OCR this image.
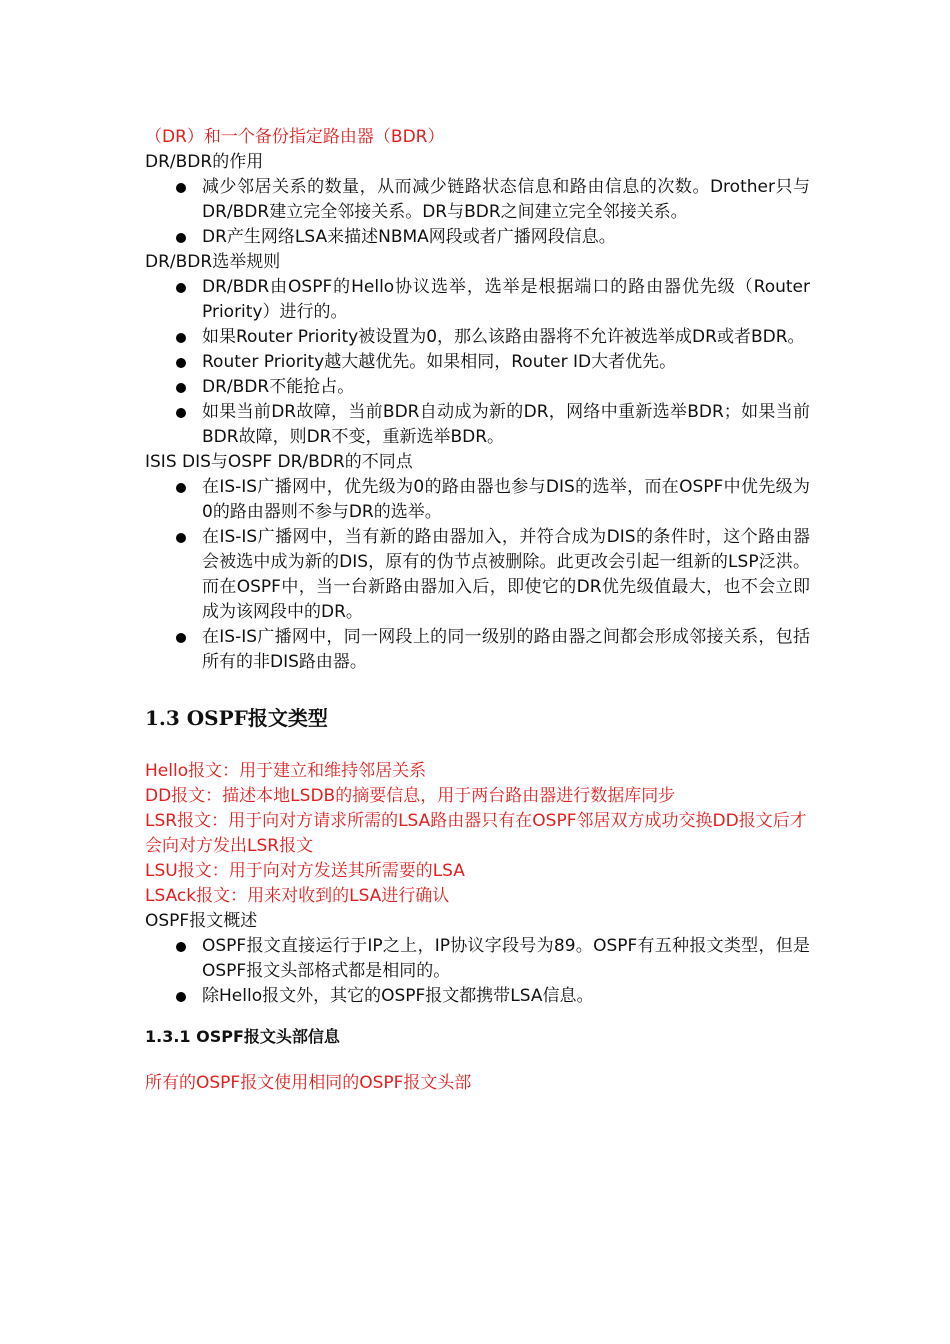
（DR）和一个备份指定路由器（BDR）
DR/BDR的作用
减少邻居关系的数量，从而减少链路状态信息和路由信息的次数。Drother只与DR/BDR建立完全邻接关系。DR与BDR之间建立完全邻接关系。
DR产生网络LSA来描述NBMA网段或者广播网段信息。
DR/BDR选举规则
DR/BDR由OSPF的Hello协议选举，选举是根据端口的路由器优先级（Router Priority）进行的。
如果Router Priority被设置为0，那么该路由器将不允许被选举成DR或者BDR。
Router Priority越大越优先。如果相同，Router ID大者优先。
DR/BDR不能抢占。
如果当前DR故障，当前BDR自动成为新的DR，网络中重新选举BDR；如果当前BDR故障，则DR不变，重新选举BDR。
ISIS DIS与OSPF DR/BDR的不同点
在IS-IS广播网中，优先级为0的路由器也参与DIS的选举，而在OSPF中优先级为0的路由器则不参与DR的选举。
在IS-IS广播网中，当有新的路由器加入，并符合成为DIS的条件时，这个路由器会被选中成为新的DIS，原有的伪节点被删除。此更改会引起一组新的LSP泛洪。而在OSPF中，当一台新路由器加入后，即使它的DR优先级值最大，也不会立即成为该网段中的DR。
在IS-IS广播网中，同一网段上的同一级别的路由器之间都会形成邻接关系，包括所有的非DIS路由器。
1.3 OSPF报文类型
Hello报文：用于建立和维持邻居关系
DD报文：描述本地LSDB的摘要信息，用于两台路由器进行数据库同步
LSR报文：用于向对方请求所需的LSA路由器只有在OSPF邻居双方成功交换DD报文后才会向对方发出LSR报文
LSU报文：用于向对方发送其所需要的LSA
LSAck报文：用来对收到的LSA进行确认
OSPF报文概述
OSPF报文直接运行于IP之上，IP协议字段号为89。OSPF有五种报文类型，但是OSPF报文头部格式都是相同的。
除Hello报文外，其它的OSPF报文都携带LSA信息。
1.3.1 OSPF报文头部信息
所有的OSPF报文使用相同的OSPF报文头部
